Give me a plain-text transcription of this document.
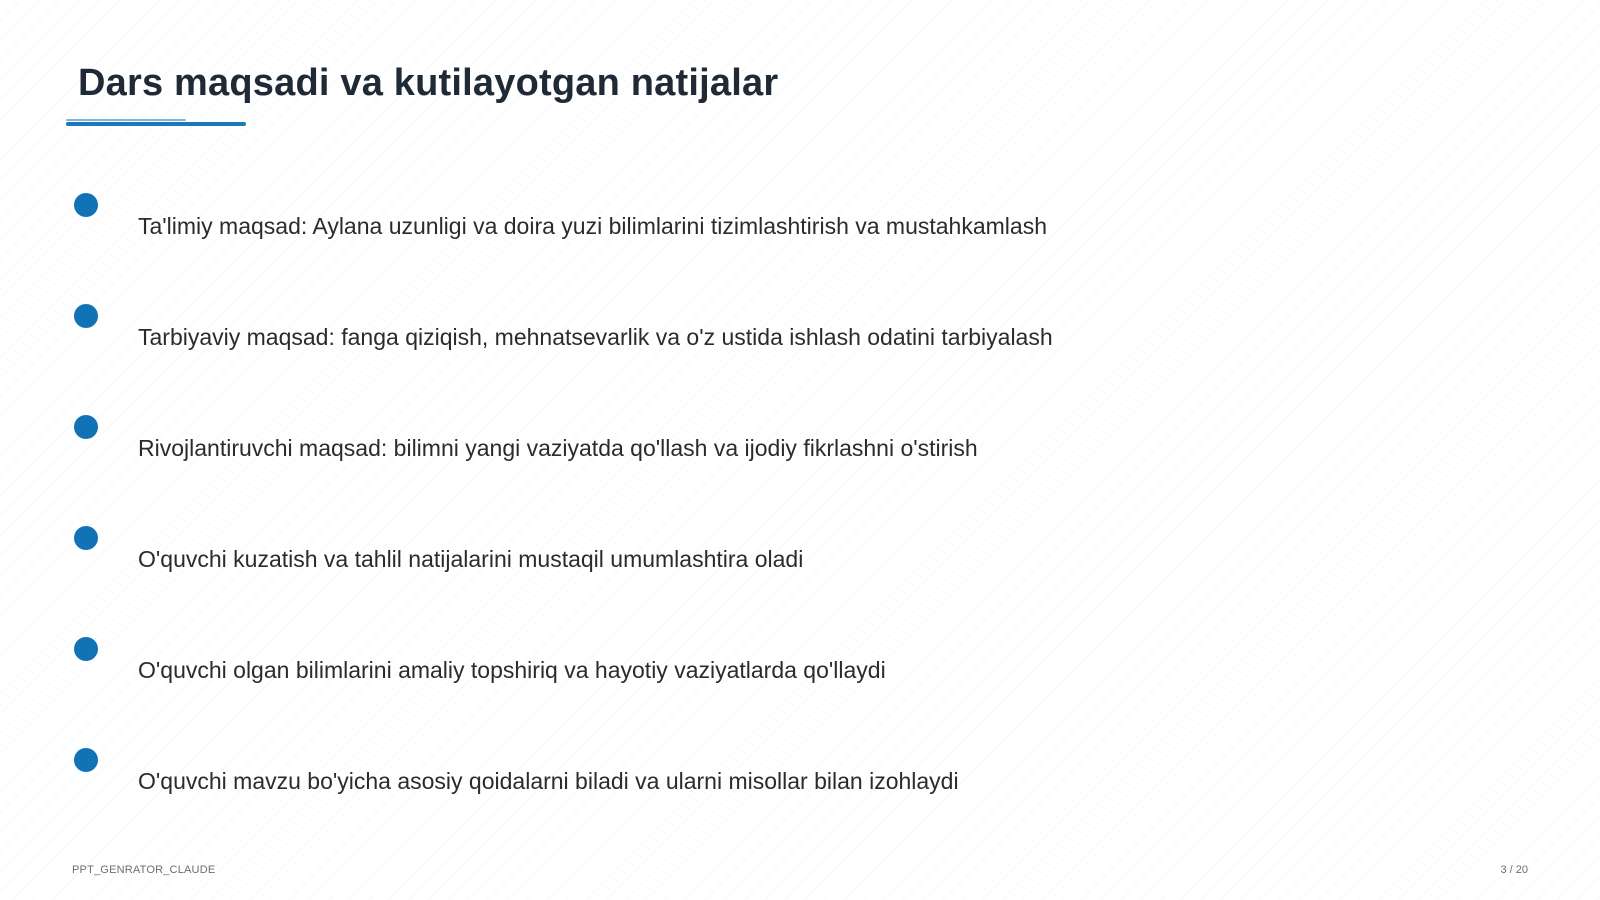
Dars maqsadi va kutilayotgan natijalar
Ta'limiy maqsad: Aylana uzunligi va doira yuzi bilimlarini tizimlashtirish va mustahkamlash
Tarbiyaviy maqsad: fanga qiziqish, mehnatsevarlik va o'z ustida ishlash odatini tarbiyalash
Rivojlantiruvchi maqsad: bilimni yangi vaziyatda qo'llash va ijodiy fikrlashni o'stirish
O'quvchi kuzatish va tahlil natijalarini mustaqil umumlashtira oladi
O'quvchi olgan bilimlarini amaliy topshiriq va hayotiy vaziyatlarda qo'llaydi
O'quvchi mavzu bo'yicha asosiy qoidalarni biladi va ularni misollar bilan izohlaydi
PPT_GENRATOR_CLAUDE	3 / 20
